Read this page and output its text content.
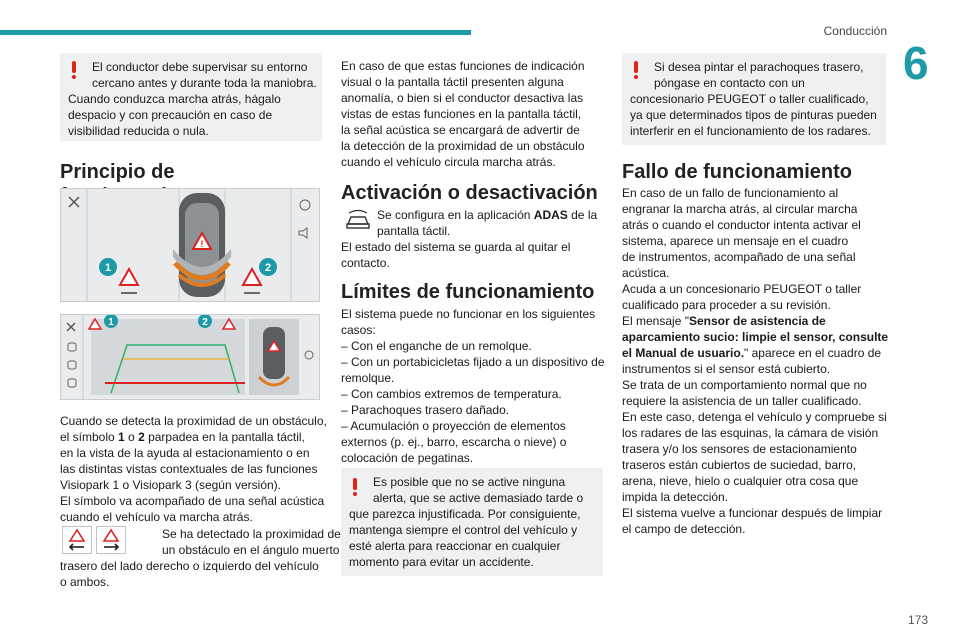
Conducción
6
El conductor debe supervisar su entorno
cercano antes y durante toda la maniobra.
Cuando conduzca marcha atrás, hágalo
despacio y con precaución en caso de
visibilidad reducida o nula.
Principio de
!
1	2
1	2
Cuando se detecta la proximidad de un obstáculo,
el símbolo 1 o 2 parpadea en la pantalla táctil,
en la vista de la ayuda al estacionamiento o en
las distintas vistas contextuales de las funciones
Visiopark 1 o Visiopark 3 (según versión).
El símbolo va acompañado de una señal acústica
cuando el vehículo va marcha atrás.
Se ha detectado la proximidad de
un obstáculo en el ángulo muerto
trasero del lado derecho o izquierdo del vehículo
o ambos.
En caso de que estas funciones de indicación
visual o la pantalla táctil presenten alguna
anomalía, o bien si el conductor desactiva las
vistas de estas funciones en la pantalla táctil,
la señal acústica se encargará de advertir de
la detección de la proximidad de un obstáculo
cuando el vehículo circula marcha atrás.
Activación o desactivación
Se configura en la aplicación ADAS de la
pantalla táctil.
El estado del sistema se guarda al quitar el
contacto.
Límites de funcionamiento
El sistema puede no funcionar en los siguientes
casos:
– Con el enganche de un remolque.
– Con un portabicicletas fijado a un dispositivo de
remolque.
– Con cambios extremos de temperatura.
– Parachoques trasero dañado.
– Acumulación o proyección de elementos
externos (p. ej., barro, escarcha o nieve) o
colocación de pegatinas.
Es posible que no se active ninguna
alerta, que se active demasiado tarde o
que parezca injustificada. Por consiguiente,
mantenga siempre el control del vehículo y
esté alerta para reaccionar en cualquier
momento para evitar un accidente.
Si desea pintar el parachoques trasero,
póngase en contacto con un
concesionario PEUGEOT o taller cualificado,
ya que determinados tipos de pinturas pueden
interferir en el funcionamiento de los radares.
Fallo de funcionamiento
En caso de un fallo de funcionamiento al
engranar la marcha atrás, al circular marcha
atrás o cuando el conductor intenta activar el
sistema, aparece un mensaje en el cuadro
de instrumentos, acompañado de una señal
acústica.
Acuda a un concesionario PEUGEOT o taller
cualificado para proceder a su revisión.
El mensaje "Sensor de asistencia de
aparcamiento sucio: limpie el sensor, consulte
el Manual de usuario." aparece en el cuadro de
instrumentos si el sensor está cubierto.
Se trata de un comportamiento normal que no
requiere la asistencia de un taller cualificado.
En este caso, detenga el vehículo y compruebe si
los radares de las esquinas, la cámara de visión
trasera y/o los sensores de estacionamiento
traseros están cubiertos de suciedad, barro,
arena, nieve, hielo o cualquier otra cosa que
impida la detección.
El sistema vuelve a funcionar después de limpiar
el campo de detección.
173
